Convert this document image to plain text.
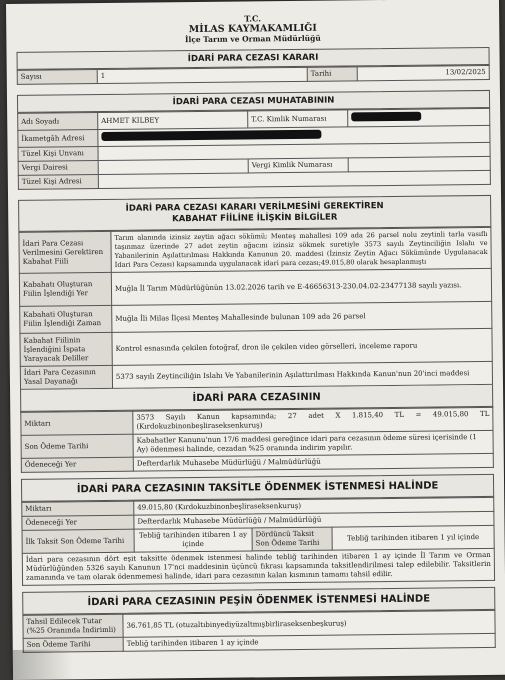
T.C.
MİLAS KAYMAKAMLIĞI
İlçe Tarım ve Orman Müdürlüğü
İDARİ PARA CEZASI KARARI
Sayısı	1	Tarihi	13/02/2025
İDARİ PARA CEZASI MUHATABININ
Adı Soyadı	AHMET KILBEY	T.C. Kimlik Numarası	
İkametgâh Adresi			
Tüzel Kişi Unvanı			
Vergi Dairesi		Vergi Kimlik Numarası	
Tüzel Kişi Adresi			
İDARİ PARA CEZASI KARARI VERİLMESİNİ GEREKTİREN
KABAHAT FİİLİNE İLİŞKİN BİLGİLER
İdari Para Cezası Verilmesini Gerektiren Kabahat Fiili	Tarım alanında izinsiz zeytin ağacı sökümü; Menteş mahallesi 109 ada 26 parsel nolu zeytinli tarla vasıflı taşınmaz üzerinde 27 adet zeytin ağacını izinsiz sökmek suretiyle 3573 sayılı Zeytinciliğin Islahı ve Yabanilerinin Aşılattırılması Hakkında Kanunun 20. maddesi (İzinsiz Zeytin Ağacı Sökümünde Uygulanacak İdari Para Cezası) kapsamında uygulanacak idari para cezası;49.015,80 olarak hesaplanmıştı
Kabahatı Oluşturan Fiilin İşlendiği Yer	Muğla İl Tarım Müdürlüğünün 13.02.2026 tarih ve E-46656313-230.04.02-23477138 sayılı yazısı.
Kabahati Oluşturan Fiilin İşlendiği Zaman	Muğla İli Milas İlçesi Menteş Mahallesinde bulunan 109 ada 26 parsel
Kabahat Fiilinin İşlendiğini İspata Yarayacak Deliller	Kontrol esnasında çekilen fotoğraf, dron ile çekilen video görselleri, inceleme raporu
İdari Para Cezasının Yasal Dayanağı	5373 sayılı Zeytinciliğin Islahı Ve Yabanilerinin Aşılattırılması Hakkında Kanun'nun 20'inci maddesi
İDARİ PARA CEZASININ
Miktarı	3573 Sayılı Kanun kapsamında; 27 adet X 1.815,40 TL = 49.015,80 TL (Kırdokuzbinonbeşliraseksenkuruş)
Son Ödeme Tarihi	Kabahatler Kanunu'nun 17/6 maddesi gereğince idari para cezasının ödeme süresi içerisinde (1 Ay) ödenmesi halinde, cezadan %25 oranında indirim yapılır.
Ödeneceği Yer	Defterdarlık Muhasebe Müdürlüğü / Malmüdürlüğü
İDARİ PARA CEZASININ TAKSİTLE ÖDENMEK İSTENMESİ HALİNDE
Miktarı	49.015,80 (Kırdokuzbinonbeşliraseksenkuruş)		
Ödeneceği Yer	Defterdarlık Muhasebe Müdürlüğü / Malmüdürlüğü		
İlk Taksit Son Ödeme Tarihi	Tebliğ tarihinden itibaren 1 ay içinde	Dördüncü Taksit Son Ödeme Tarihi	Tebliğ tarihinden itibaren 1 yıl içinde
İdari para cezasının dört eşit taksitte ödenmek istenmesi halinde tebliğ tarihinden itibaren 1 ay içinde İl Tarım ve Orman Müdürlüğünden 5326 sayılı Kanunun 17'nci maddesinin üçüncü fıkrası kapsamında taksitlendirilmesi talep edilebilir. Taksitlerin zamanında ve tam olarak ödenmemesi halinde, idari para cezasının kalan kısmının tamamı tahsil edilir.			
İDARİ PARA CEZASININ PEŞİN ÖDENMEK İSTENMESİ HALİNDE
Tahsil Edilecek Tutar (%25 Oranında İndirimli)	36.761,85 TL (otuzaltıbinyediyüzaltmışbirliraseksenbeşkuruş)
Son Ödeme Tarihi	Tebliğ tarihinden itibaren 1 ay içinde
